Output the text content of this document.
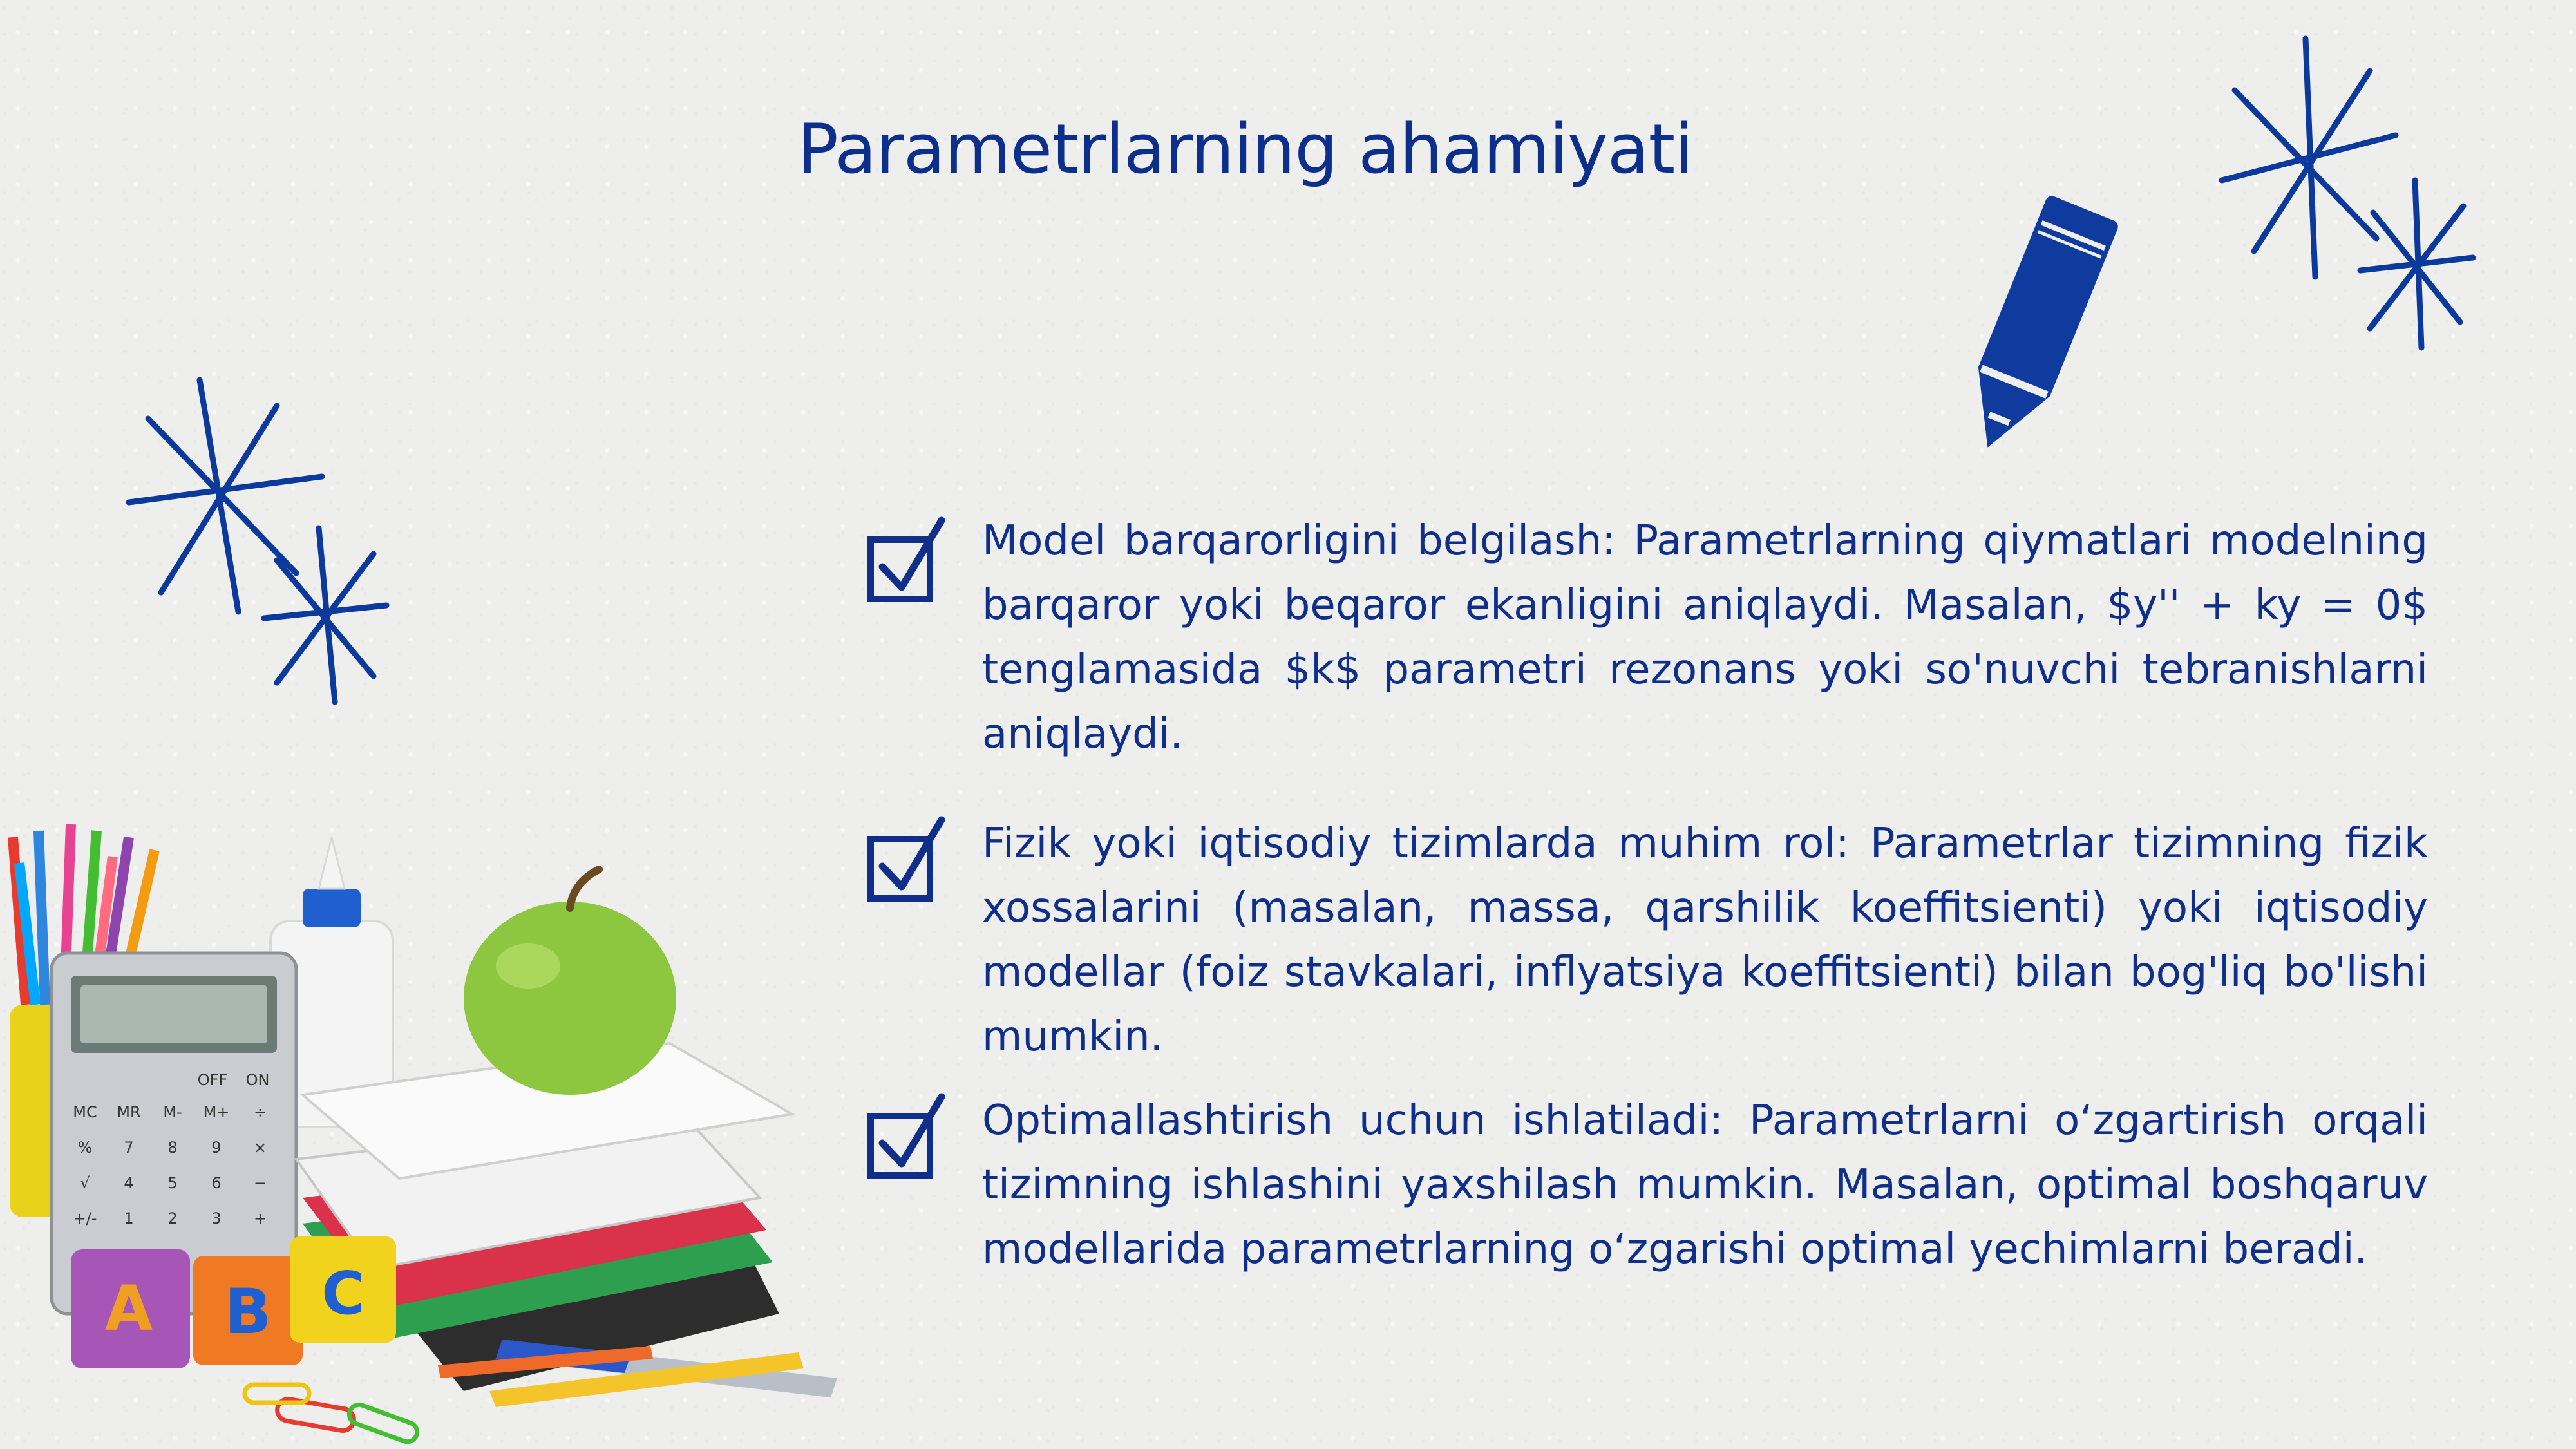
Parametrlarning ahamiyati

Model barqarorligini belgilash: Parametrlarning qiymatlari modelning barqaror yoki beqaror ekanligini aniqlaydi. Masalan, $y'' + ky = 0$ tenglamasida $k$ parametri rezonans yoki so'nuvchi tebranishlarni aniqlaydi.

Fizik yoki iqtisodiy tizimlarda muhim rol: Parametrlar tizimning fizik xossalarini (masalan, massa, qarshilik koeffitsienti) yoki iqtisodiy modellar (foiz stavkalari, inflyatsiya koeffitsienti) bilan bog'liq bo'lishi mumkin.

Optimallashtirish uchun ishlatiladi: Parametrlarni oʻzgartirish orqali tizimning ishlashini yaxshilash mumkin. Masalan, optimal boshqaruv modellarida parametrlarning oʻzgarishi optimal yechimlarni beradi.

OFF ON
MC MR M- M+ ÷
% 7 8 9 ×
√ 4 5 6 −
+/- 1 2 3 +
A B C
